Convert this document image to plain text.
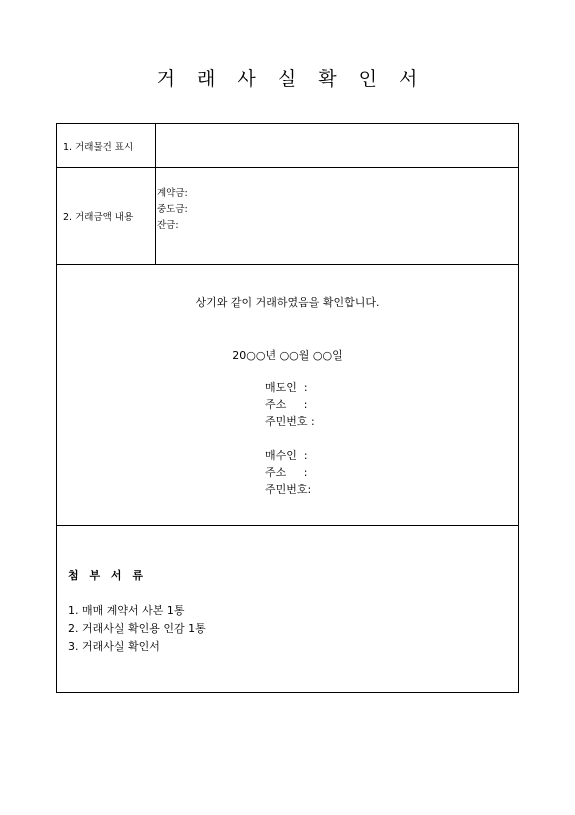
거 래 사 실 확 인 서
1. 거래물건 표시
2. 거래금액 내용
계약금:
중도금:
잔금:
상기와 같이 거래하였음을 확인합니다.
20○○년 ○○월 ○○일
매도인  :
주소     :
주민번호 :
매수인  :
주소     :
주민번호:
첨 부 서 류
1. 매매 계약서 사본 1통
2. 거래사실 확인용 인감 1통
3. 거래사실 확인서
